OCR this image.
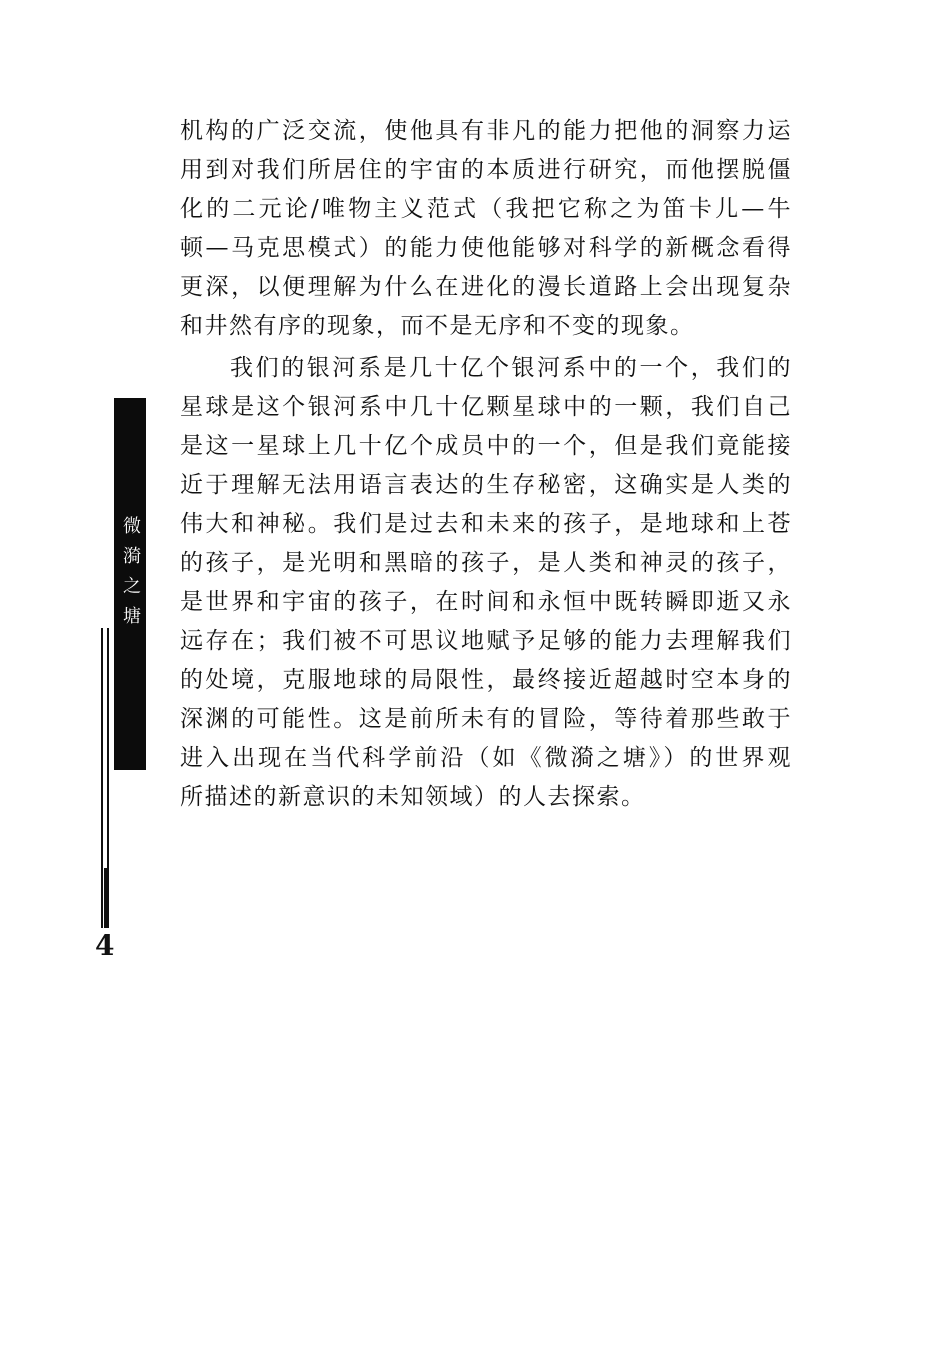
机构的广泛交流，使他具有非凡的能力把他的洞察力运
用到对我们所居住的宇宙的本质进行研究，而他摆脱僵
化的二元论/唯物主义范式（我把它称之为笛卡儿—牛
顿—马克思模式）的能力使他能够对科学的新概念看得
更深，以便理解为什么在进化的漫长道路上会出现复杂
和井然有序的现象，而不是无序和不变的现象。
我们的银河系是几十亿个银河系中的一个，我们的
星球是这个银河系中几十亿颗星球中的一颗，我们自己
是这一星球上几十亿个成员中的一个，但是我们竟能接
近于理解无法用语言表达的生存秘密，这确实是人类的
伟大和神秘。我们是过去和未来的孩子，是地球和上苍
的孩子，是光明和黑暗的孩子，是人类和神灵的孩子，
是世界和宇宙的孩子，在时间和永恒中既转瞬即逝又永
远存在；我们被不可思议地赋予足够的能力去理解我们
的处境，克服地球的局限性，最终接近超越时空本身的
深渊的可能性。这是前所未有的冒险，等待着那些敢于
进入出现在当代科学前沿（如《微漪之塘》）的世界观
所描述的新意识的未知领域）的人去探索。
微漪之塘
4
